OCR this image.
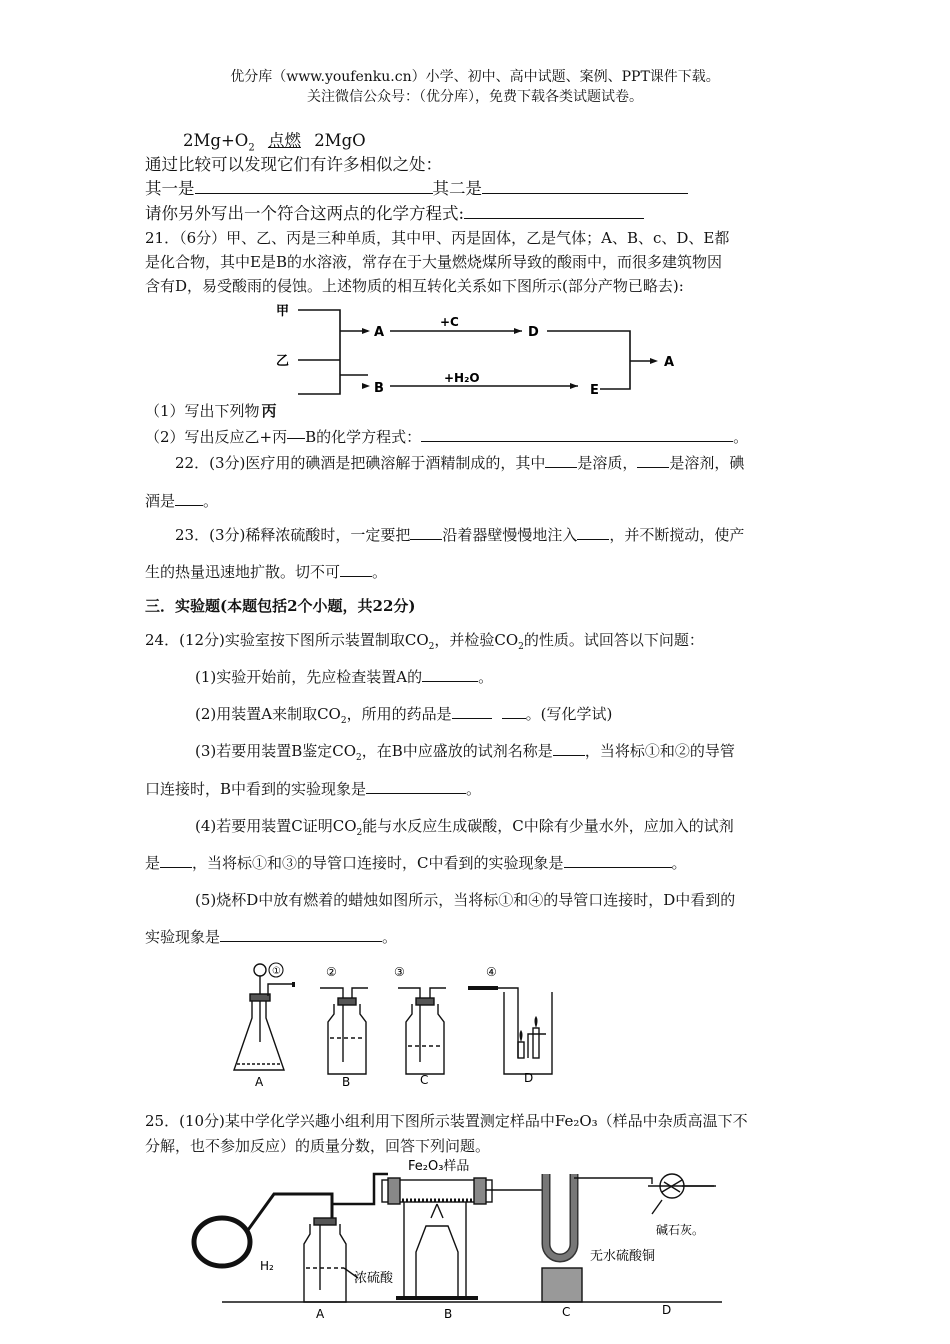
优分库（www.youfenku.cn）小学、初中、高中试题、案例、PPT课件下载。
关注微信公众号：（优分库），免费下载各类试题试卷。
$2Mg+O_2$ 点燃 2MgO
通过比较可以发现它们有许多相似之处：
其一是	其二是
请你另外写出一个符合这两点的化学方程式:
21．（6分）甲、乙、丙是三种单质，其中甲、丙是固体，乙是气体；A、B、c、D、E都
是化合物，其中E是B的水溶液，常存在于大量燃烧煤所导致的酸雨中，而很多建筑物因
含有D，易受酸雨的侵蚀。上述物质的相互转化关系如下图所示(部分产物已略去):
甲
乙
A
+C
D
A
B
+H₂O
E
（1）写出下列物 丙
（2）写出反应乙+丙 B的化学方程式：	。
22．(3分)医疗用的碘酒是把碘溶解于酒精制成的，其中 是溶质， 是溶剂，碘
酒是 。
23．(3分)稀释浓硫酸时，一定要把 沿着器壁慢慢地注入 ，并不断搅动，使产
生的热量迅速地扩散。切不可 。
三．实验题(本题包括2个小题，共22分)
24．(12分)实验室按下图所示装置制取$CO_2$，并检验$CO_2$的性质。试回答以下问题：
(1)实验开始前，先应检查装置A的	。
(2)用装置A来制取$CO_2$，所用的药品是	。(写化学试)
(3)若要用装置B鉴定$CO_2$，在B中应盛放的试剂名称是 ，当将标①和②的导管
口连接时，B中看到的实验现象是	。
(4)若要用装置C证明$CO_2$能与水反应生成碳酸，C中除有少量水外，应加入的试剂
是 ，当将标①和③的导管口连接时，C中看到的实验现象是	。
(5)烧杯D中放有燃着的蜡烛如图所示，当将标①和④的导管口连接时，D中看到的
实验现象是	。
①	②	③	④
A	B	C	D
25．(10分)某中学化学兴趣小组利用下图所示装置测定样品中Fe₂O₃（样品中杂质高温下不
分解，也不参加反应）的质量分数，回答下列问题。
Fe₂O₃样品
H₂
浓硫酸
无水硫酸铜
碱石灰。
A	B	C	D
